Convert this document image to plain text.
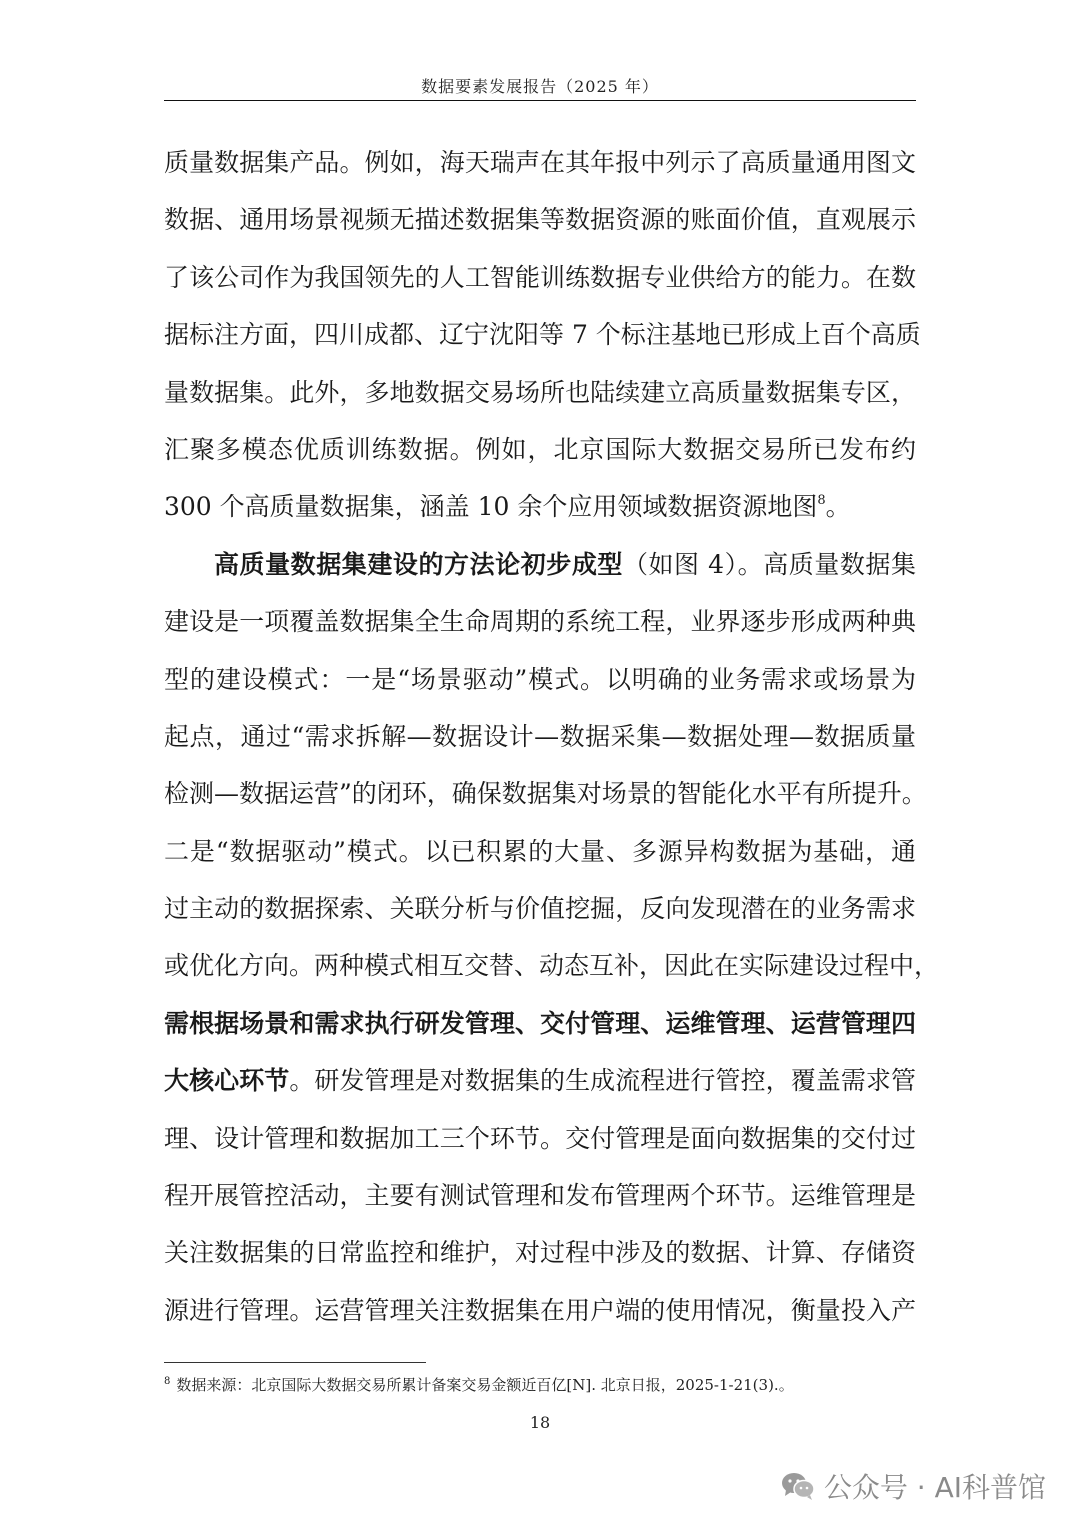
数据要素发展报告（2025 年）
质量数据集产品。例如，海天瑞声在其年报中列示了高质量通用图文
数据、通用场景视频无描述数据集等数据资源的账面价值，直观展示
了该公司作为我国领先的人工智能训练数据专业供给方的能力。在数
据标注方面，四川成都、辽宁沈阳等 7 个标注基地已形成上百个高质
量数据集。此外，多地数据交易场所也陆续建立高质量数据集专区，
汇聚多模态优质训练数据。例如，北京国际大数据交易所已发布约
300 个高质量数据集，涵盖 10 余个应用领域数据资源地图$^8$。
高质量数据集建设的方法论初步成型（如图 4）。高质量数据集
建设是一项覆盖数据集全生命周期的系统工程，业界逐步形成两种典
型的建设模式：一是“场景驱动”模式。以明确的业务需求或场景为
起点，通过“需求拆解—数据设计—数据采集—数据处理—数据质量
检测—数据运营”的闭环，确保数据集对场景的智能化水平有所提升。
二是“数据驱动”模式。以已积累的大量、多源异构数据为基础，通
过主动的数据探索、关联分析与价值挖掘，反向发现潜在的业务需求
或优化方向。两种模式相互交替、动态互补，因此在实际建设过程中，
需根据场景和需求执行研发管理、交付管理、运维管理、运营管理四
大核心环节。研发管理是对数据集的生成流程进行管控，覆盖需求管
理、设计管理和数据加工三个环节。交付管理是面向数据集的交付过
程开展管控活动，主要有测试管理和发布管理两个环节。运维管理是
关注数据集的日常监控和维护，对过程中涉及的数据、计算、存储资
源进行管理。运营管理关注数据集在用户端的使用情况，衡量投入产
$^8$ 数据来源：北京国际大数据交易所累计备案交易金额近百亿[N]. 北京日报，2025-1-21(3).。
18
公众号 · AI科普馆
